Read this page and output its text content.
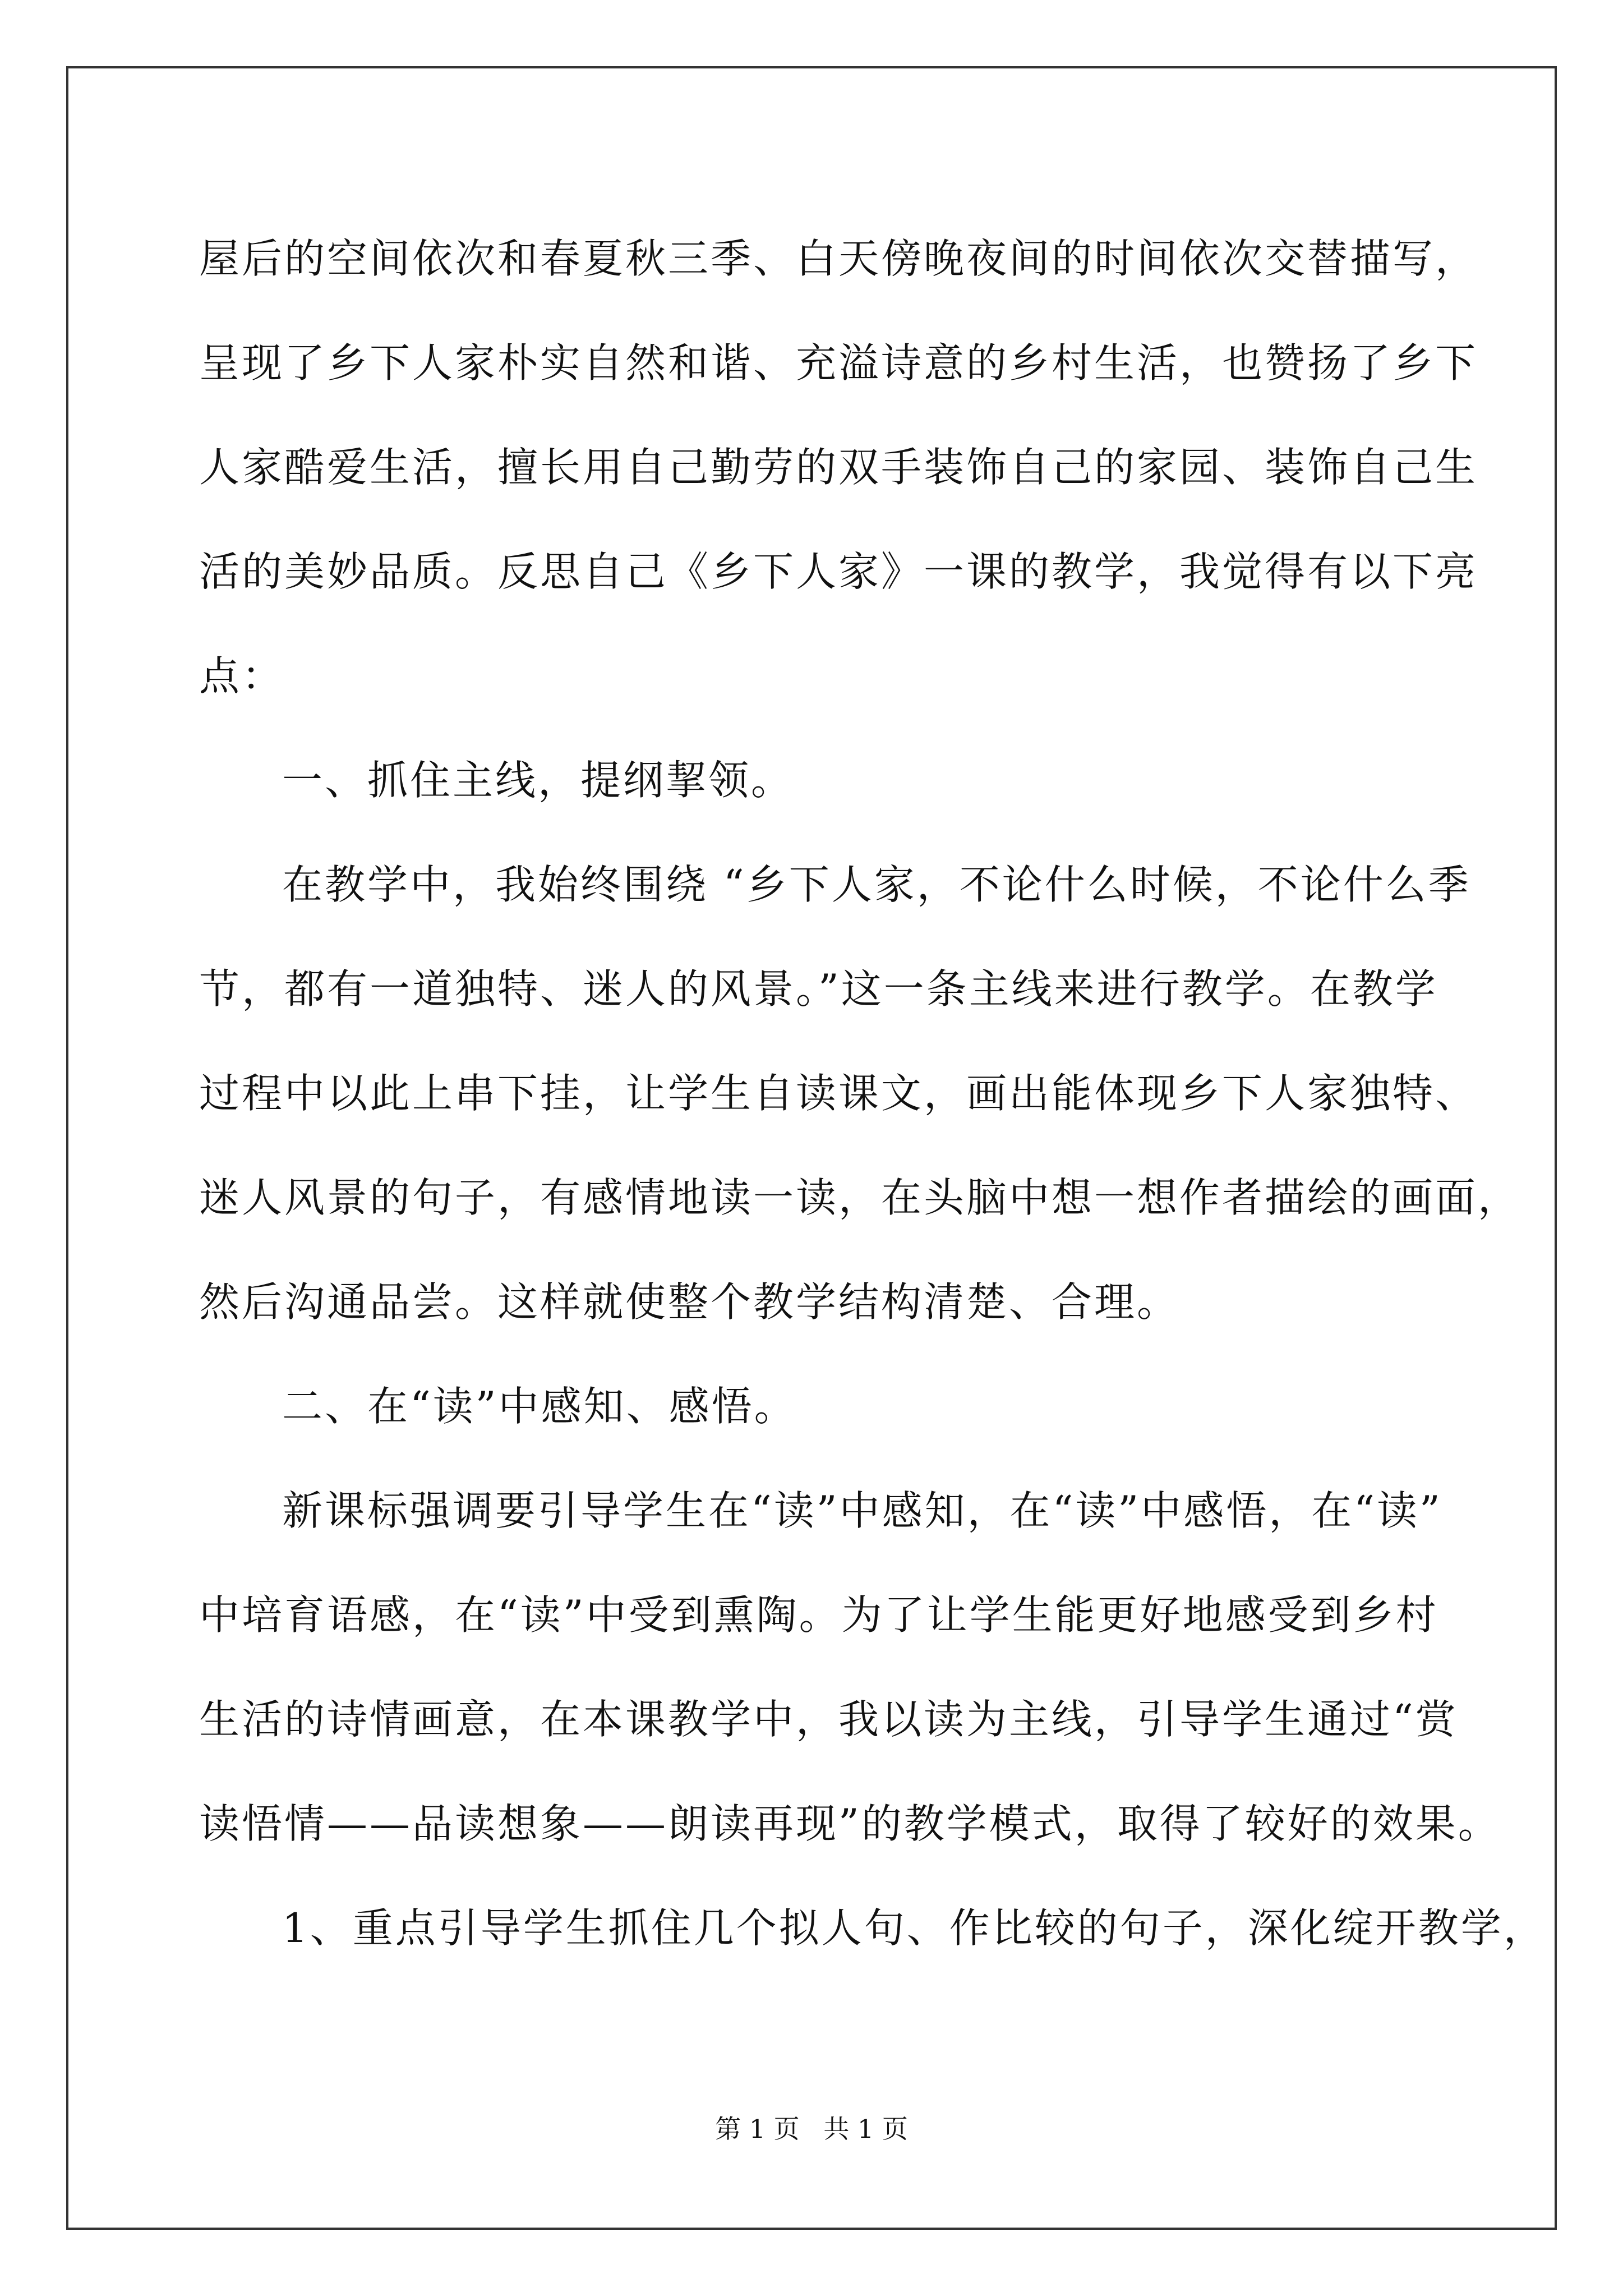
屋后的空间依次和春夏秋三季、白天傍晚夜间的时间依次交替描写，
呈现了乡下人家朴实自然和谐、充溢诗意的乡村生活，也赞扬了乡下
人家酷爱生活，擅长用自己勤劳的双手装饰自己的家园、装饰自己生
活的美妙品质。反思自己《乡下人家》一课的教学，我觉得有以下亮
点：
一、抓住主线，提纲挈领。
在教学中，我始终围绕 “乡下人家，不论什么时候，不论什么季
节，都有一道独特、迷人的风景。”这一条主线来进行教学。在教学
过程中以此上串下挂，让学生自读课文，画出能体现乡下人家独特、
迷人风景的句子，有感情地读一读，在头脑中想一想作者描绘的画面，
然后沟通品尝。这样就使整个教学结构清楚、合理。
二、在“读”中感知、感悟。
新课标强调要引导学生在“读”中感知，在“读”中感悟，在“读”
中培育语感，在“读”中受到熏陶。为了让学生能更好地感受到乡村
生活的诗情画意，在本课教学中，我以读为主线，引导学生通过“赏
读悟情——品读想象——朗读再现”的教学模式，取得了较好的效果。
1、重点引导学生抓住几个拟人句、作比较的句子，深化绽开教学，
第 1 页 共 1 页
